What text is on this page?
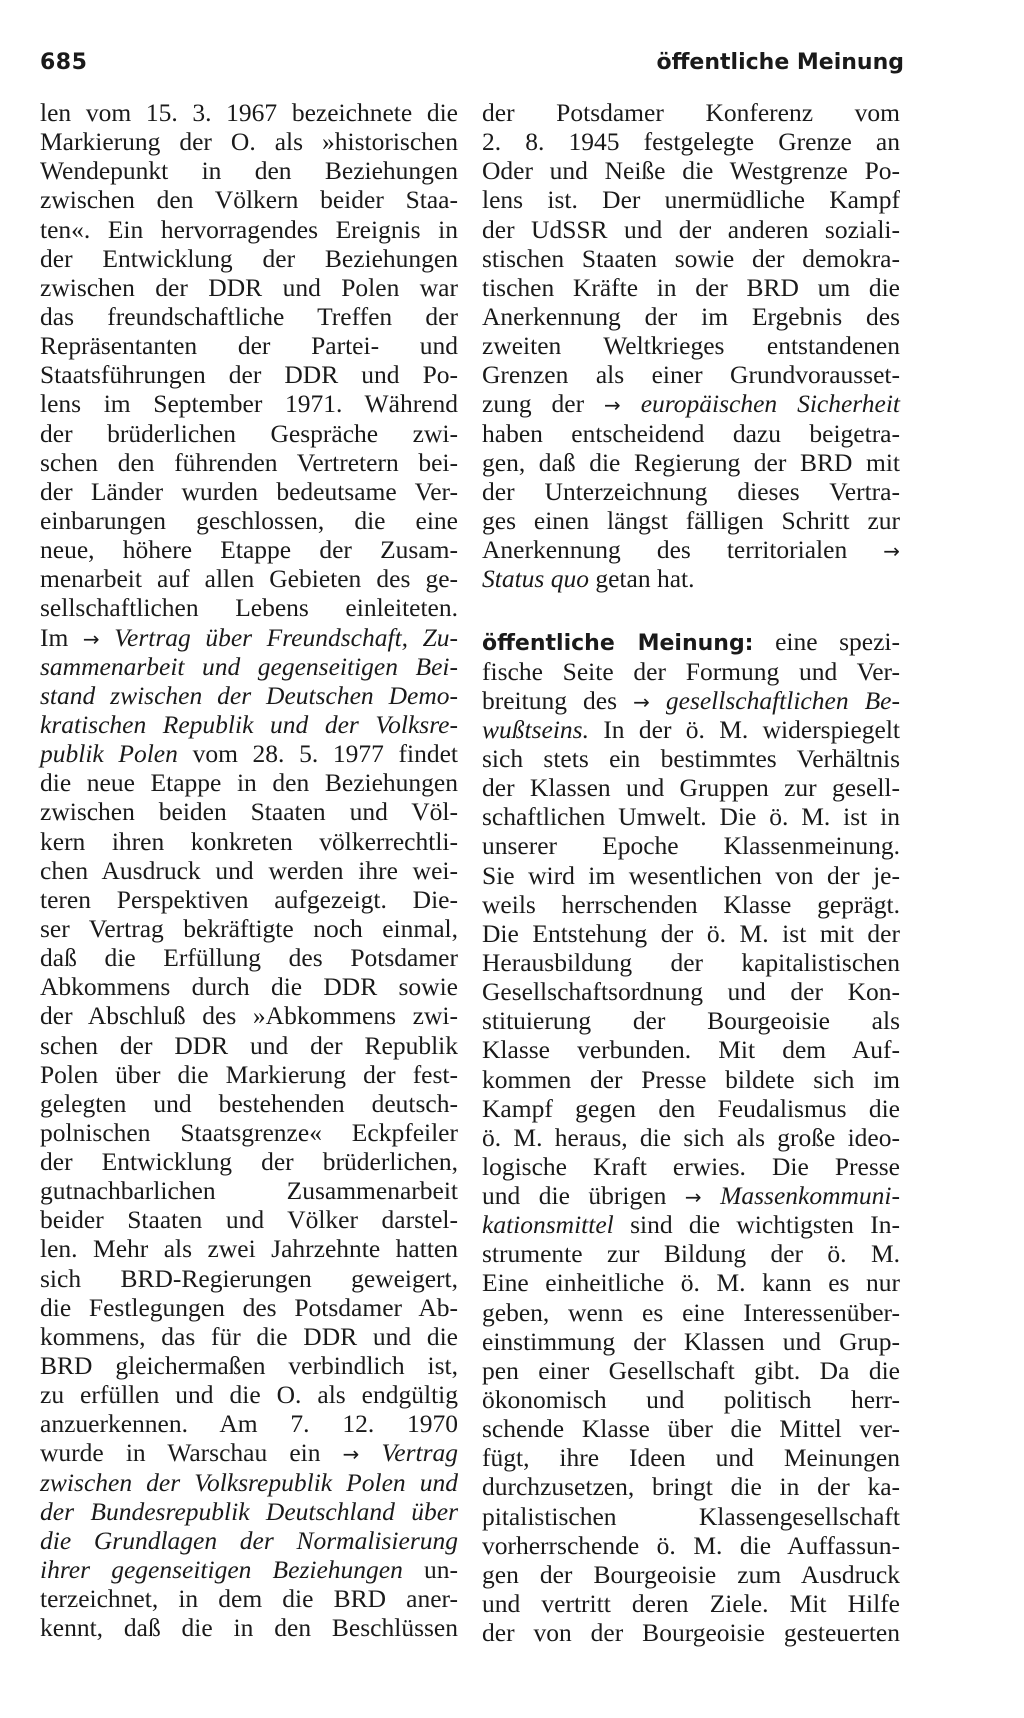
685	öffentliche Meinung
len vom 15. 3. 1967 bezeichnete die
Markierung der O. als »historischen
Wendepunkt in den Beziehungen
zwischen den Völkern beider Staa-
ten«. Ein hervorragendes Ereignis in
der Entwicklung der Beziehungen
zwischen der DDR und Polen war
das freundschaftliche Treffen der
Repräsentanten der Partei- und
Staatsführungen der DDR und Po-
lens im September 1971. Während
der brüderlichen Gespräche zwi-
schen den führenden Vertretern bei-
der Länder wurden bedeutsame Ver-
einbarungen geschlossen, die eine
neue, höhere Etappe der Zusam-
menarbeit auf allen Gebieten des ge-
sellschaftlichen Lebens einleiteten.
Im → Vertrag über Freundschaft, Zu-
sammenarbeit und gegenseitigen Bei-
stand zwischen der Deutschen Demo-
kratischen Republik und der Volksre-
publik Polen vom 28. 5. 1977 findet
die neue Etappe in den Beziehungen
zwischen beiden Staaten und Völ-
kern ihren konkreten völkerrechtli-
chen Ausdruck und werden ihre wei-
teren Perspektiven aufgezeigt. Die-
ser Vertrag bekräftigte noch einmal,
daß die Erfüllung des Potsdamer
Abkommens durch die DDR sowie
der Abschluß des »Abkommens zwi-
schen der DDR und der Republik
Polen über die Markierung der fest-
gelegten und bestehenden deutsch-
polnischen Staatsgrenze« Eckpfeiler
der Entwicklung der brüderlichen,
gutnachbarlichen Zusammenarbeit
beider Staaten und Völker darstel-
len. Mehr als zwei Jahrzehnte hatten
sich BRD-Regierungen geweigert,
die Festlegungen des Potsdamer Ab-
kommens, das für die DDR und die
BRD gleichermaßen verbindlich ist,
zu erfüllen und die O. als endgültig
anzuerkennen. Am 7. 12. 1970
wurde in Warschau ein → Vertrag
zwischen der Volksrepublik Polen und
der Bundesrepublik Deutschland über
die Grundlagen der Normalisierung
ihrer gegenseitigen Beziehungen un-
terzeichnet, in dem die BRD aner-
kennt, daß die in den Beschlüssen
der Potsdamer Konferenz vom
2. 8. 1945 festgelegte Grenze an
Oder und Neiße die Westgrenze Po-
lens ist. Der unermüdliche Kampf
der UdSSR und der anderen soziali-
stischen Staaten sowie der demokra-
tischen Kräfte in der BRD um die
Anerkennung der im Ergebnis des
zweiten Weltkrieges entstandenen
Grenzen als einer Grundvorausset-
zung der → europäischen Sicherheit
haben entscheidend dazu beigetra-
gen, daß die Regierung der BRD mit
der Unterzeichnung dieses Vertra-
ges einen längst fälligen Schritt zur
Anerkennung des territorialen →
Status quo getan hat.
öffentliche Meinung: eine spezi-
fische Seite der Formung und Ver-
breitung des → gesellschaftlichen Be-
wußtseins. In der ö. M. widerspiegelt
sich stets ein bestimmtes Verhältnis
der Klassen und Gruppen zur gesell-
schaftlichen Umwelt. Die ö. M. ist in
unserer Epoche Klassenmeinung.
Sie wird im wesentlichen von der je-
weils herrschenden Klasse geprägt.
Die Entstehung der ö. M. ist mit der
Herausbildung der kapitalistischen
Gesellschaftsordnung und der Kon-
stituierung der Bourgeoisie als
Klasse verbunden. Mit dem Auf-
kommen der Presse bildete sich im
Kampf gegen den Feudalismus die
ö. M. heraus, die sich als große ideo-
logische Kraft erwies. Die Presse
und die übrigen → Massenkommuni-
kationsmittel sind die wichtigsten In-
strumente zur Bildung der ö. M.
Eine einheitliche ö. M. kann es nur
geben, wenn es eine Interessenüber-
einstimmung der Klassen und Grup-
pen einer Gesellschaft gibt. Da die
ökonomisch und politisch herr-
schende Klasse über die Mittel ver-
fügt, ihre Ideen und Meinungen
durchzusetzen, bringt die in der ka-
pitalistischen Klassengesellschaft
vorherrschende ö. M. die Auffassun-
gen der Bourgeoisie zum Ausdruck
und vertritt deren Ziele. Mit Hilfe
der von der Bourgeoisie gesteuerten
